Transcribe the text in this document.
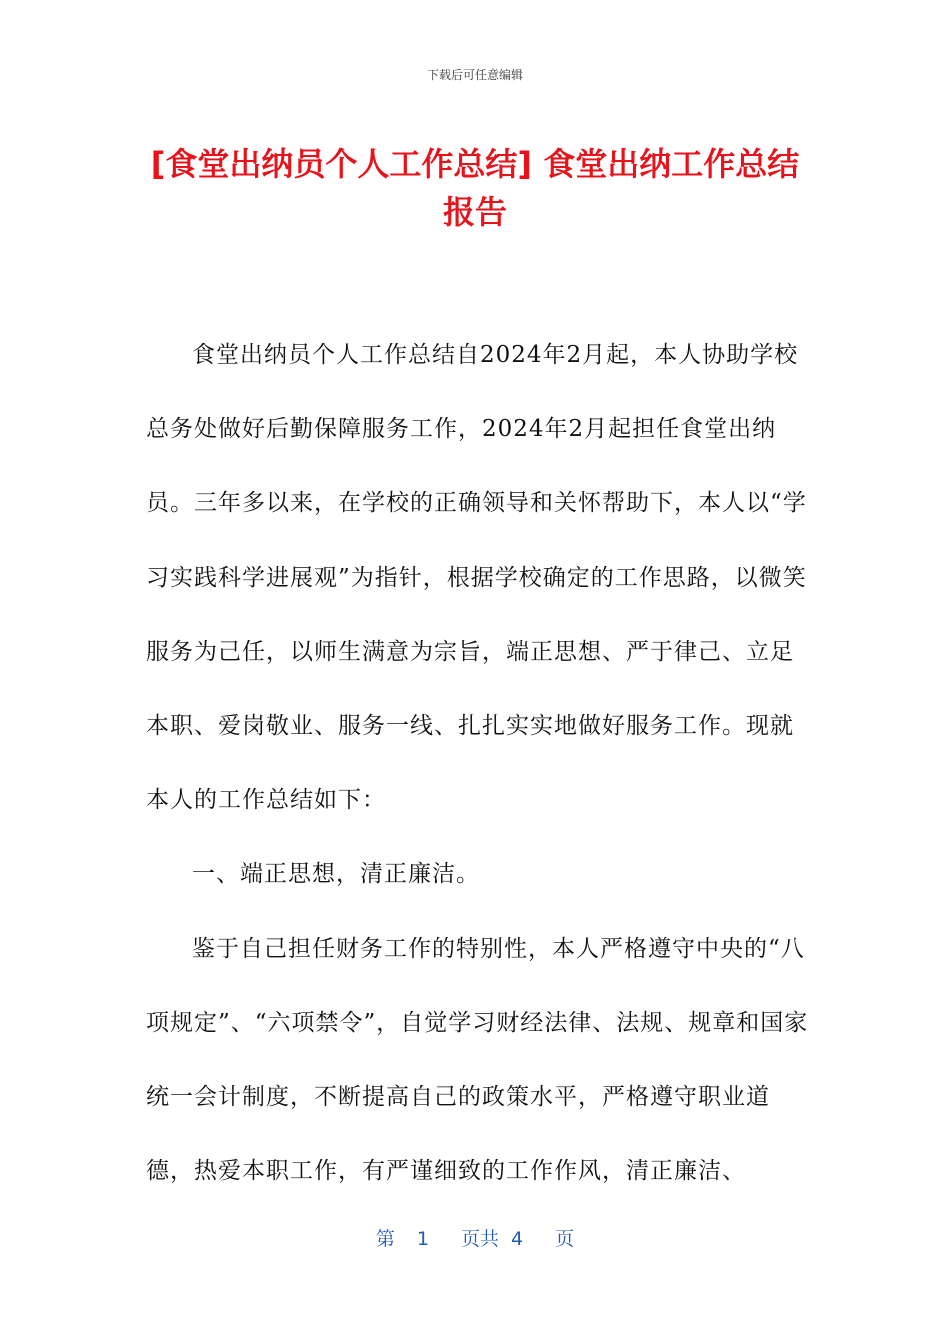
下载后可任意编辑
[食堂出纳员个人工作总结] 食堂出纳工作总结报告

食堂出纳员个人工作总结自2024年2月起，本人协助学校总务处做好后勤保障服务工作，2024年2月起担任食堂出纳员。三年多以来，在学校的正确领导和关怀帮助下，本人以“学习实践科学进展观”为指针，根据学校确定的工作思路，以微笑服务为己任，以师生满意为宗旨，端正思想、严于律己、立足本职、爱岗敬业、服务一线、扎扎实实地做好服务工作。现就本人的工作总结如下：

一、端正思想，清正廉洁。

鉴于自己担任财务工作的特别性，本人严格遵守中央的“八项规定”、“六项禁令”，自觉学习财经法律、法规、规章和国家统一会计制度，不断提高自己的政策水平，严格遵守职业道德，热爱本职工作，有严谨细致的工作作风，清正廉洁、

第 1 页共 4 页
